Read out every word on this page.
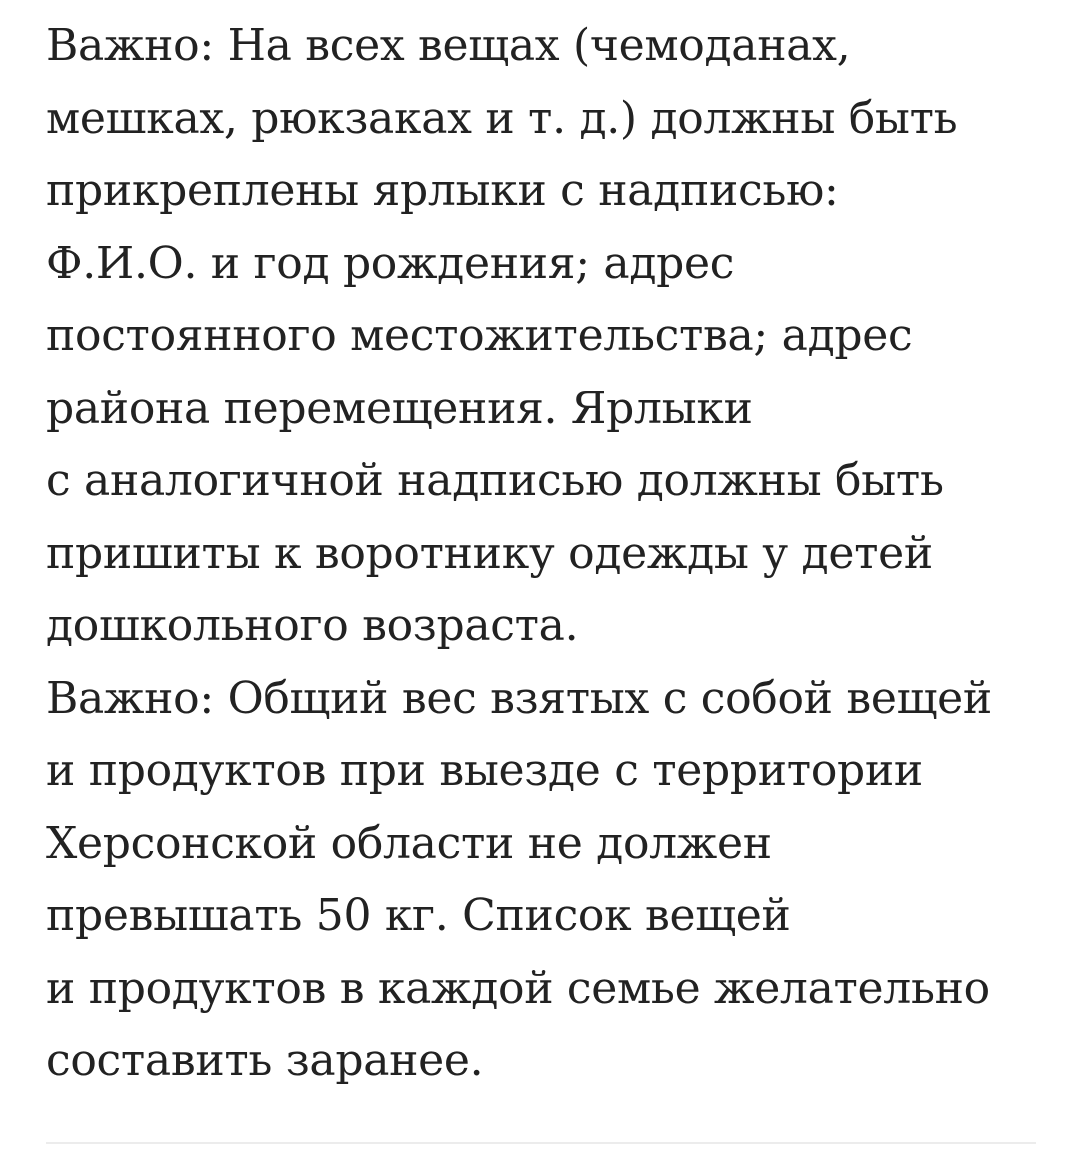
Важно: На всех вещах (чемоданах,
мешках, рюкзаках и т. д.) должны быть
прикреплены ярлыки с надписью:
Ф.И.О. и год рождения; адрес
постоянного местожительства; адрес
района перемещения. Ярлыки
с аналогичной надписью должны быть
пришиты к воротнику одежды у детей
дошкольного возраста.

Важно: Общий вес взятых с собой вещей
и продуктов при выезде с территории
Херсонской области не должен
превышать 50 кг. Список вещей
и продуктов в каждой семье желательно
составить заранее.
